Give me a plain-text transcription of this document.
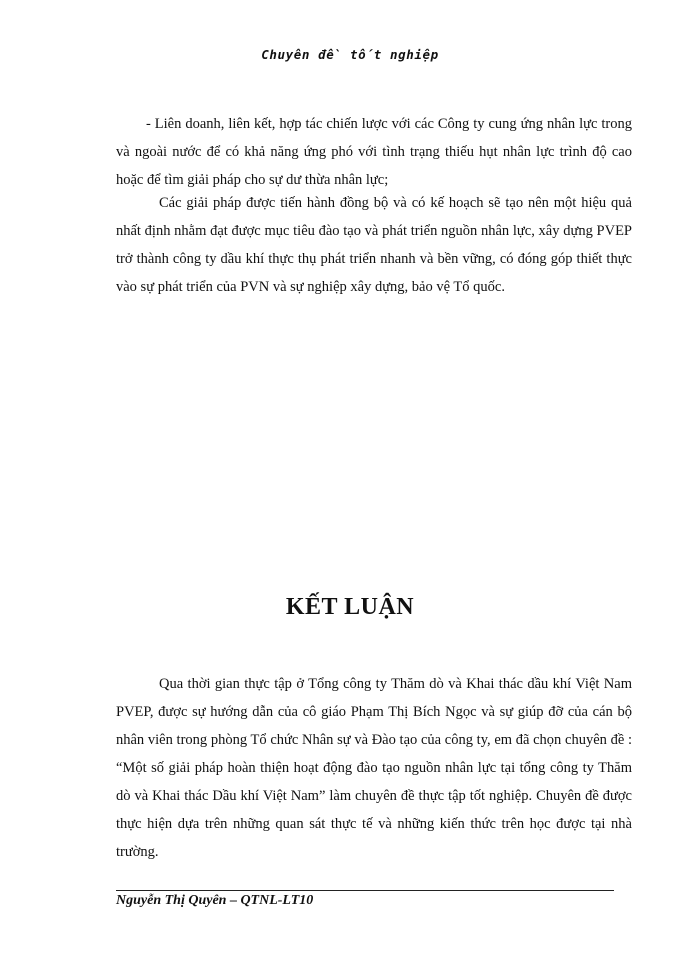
Chuyên đề tốt nghiệp

- Liên doanh, liên kết, hợp tác chiến lược với các Công ty cung ứng nhân lực trong và ngoài nước để có khả năng ứng phó với tình trạng thiếu hụt nhân lực trình độ cao hoặc để tìm giải pháp cho sự dư thừa nhân lực;

Các giải pháp được tiến hành đồng bộ và có kế hoạch sẽ tạo nên một hiệu quả nhất định nhằm đạt được mục tiêu đào tạo và phát triển nguồn nhân lực, xây dựng PVEP trở thành công ty dầu khí thực thụ phát triển nhanh và bền vững, có đóng góp thiết thực vào sự phát triển của PVN và sự nghiệp xây dựng, bảo vệ Tổ quốc.

KẾT LUẬN

Qua thời gian thực tập ở Tổng công ty Thăm dò và Khai thác dầu khí Việt Nam PVEP, được sự hướng dẫn của cô giáo Phạm Thị Bích Ngọc và sự giúp đỡ của cán bộ nhân viên trong phòng Tổ chức Nhân sự và Đào tạo của công ty, em đã chọn chuyên đề : “Một số giải pháp hoàn thiện hoạt động đào tạo nguồn nhân lực tại tổng công ty Thăm dò và Khai thác Dầu khí Việt Nam” làm chuyên đề thực tập tốt nghiệp. Chuyên đề được thực hiện dựa trên những quan sát thực tế và những kiến thức trên học được tại nhà trường.

Nguyễn Thị Quyên – QTNL-LT10
